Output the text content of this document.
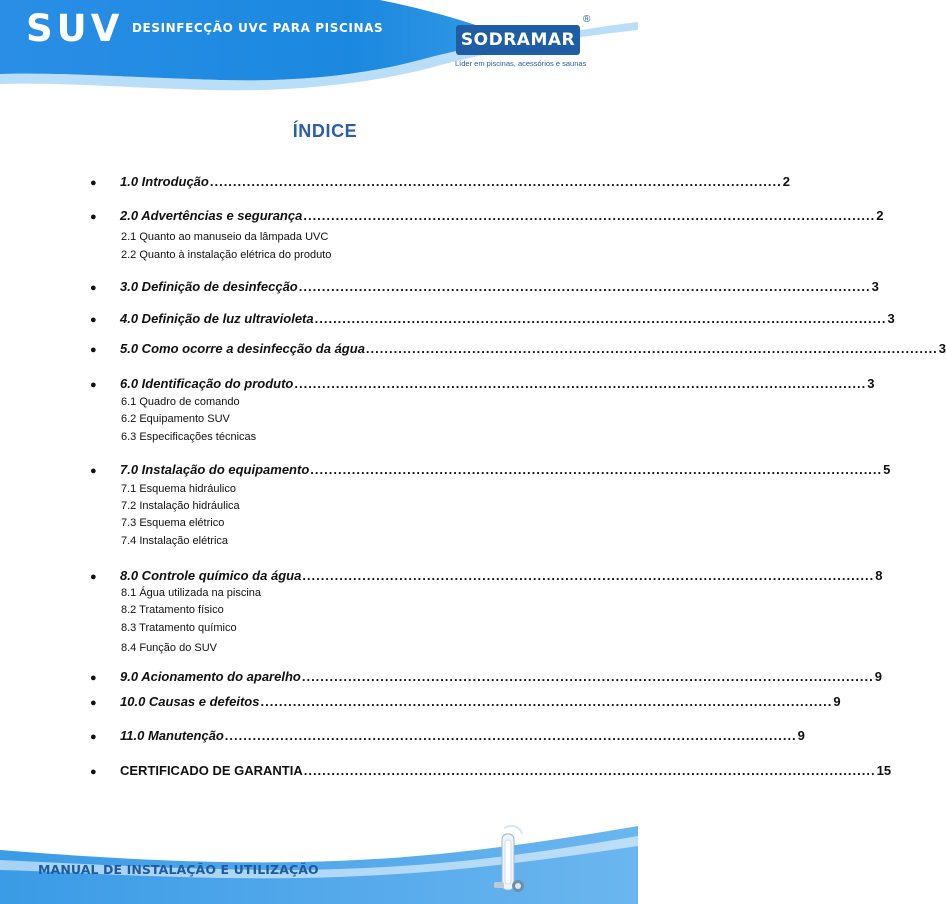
SUV DESINFECÇÃO UVC PARA PISCINAS
SODRAMAR
®
Líder em piscinas, acessórios e saunas
ÍNDICE
●	1.0 Introdução ............................................................................................................................ 2
●	2.0 Advertências e segurança ............................................................................................................................ 2
2.1 Quanto ao manuseio da lâmpada UVC
2.2 Quanto à instalação elétrica do produto
●	3.0 Definição de desinfecção ............................................................................................................................ 3
●	4.0 Definição de luz ultravioleta ............................................................................................................................ 3
●	5.0 Como ocorre a desinfecção da água ............................................................................................................................ 3
●	6.0 Identificação do produto ............................................................................................................................ 3
6.1 Quadro de comando
6.2 Equipamento SUV
6.3 Especificações técnicas
●	7.0 Instalação do equipamento ............................................................................................................................ 5
7.1 Esquema hidráulico
7.2 Instalação hidráulica
7.3 Esquema elétrico
7.4 Instalação elétrica
●	8.0 Controle químico da água ............................................................................................................................ 8
8.1 Água utilizada na piscina
8.2 Tratamento físico
8.3 Tratamento químico
8.4 Função do SUV
●	9.0 Acionamento do aparelho ............................................................................................................................ 9
●	10.0 Causas e defeitos ............................................................................................................................ 9
●	11.0 Manutenção ............................................................................................................................ 9
●	CERTIFICADO DE GARANTIA ............................................................................................................................ 15
MANUAL DE INSTALAÇÃO E UTILIZAÇÃO
